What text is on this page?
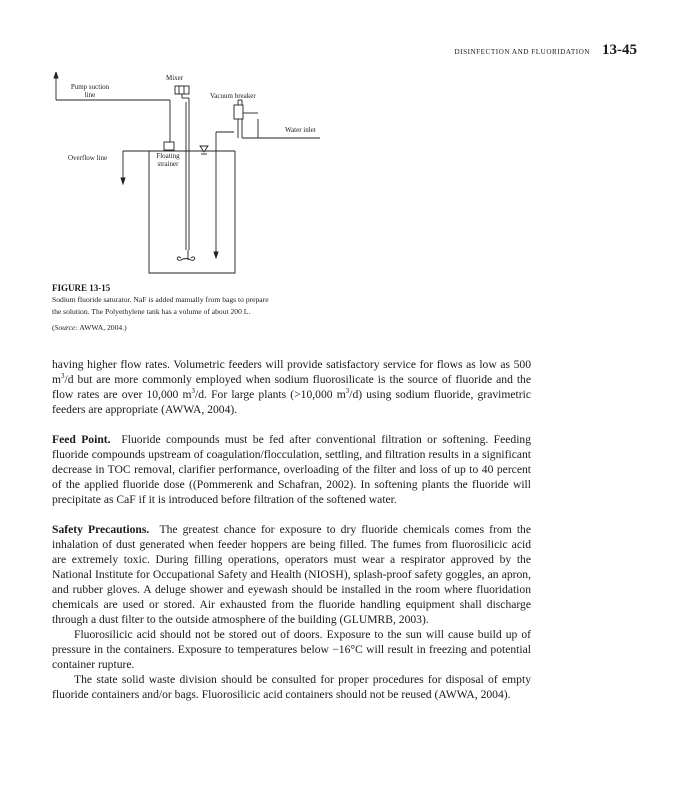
DISINFECTION AND FLUORIDATION 13-45
Mixer
Pump suction
line	Vacuum breaker
Water inlet
Overflow line	Floating
strainer
FIGURE 13-15
Sodium fluoride saturator. NaF is added manually from bags to prepare
the solution. The Polyethylene tank has a volume of about 200 L.
(Source: AWWA, 2004.)

having higher flow rates. Volumetric feeders will provide satisfactory service for flows as low as 500 $m^3/d$ but are more commonly employed when sodium fluorosilicate is the source of fluoride and the flow rates are over 10,000 $m^3/d$. For large plants (>10,000 $m^3/d$) using sodium fluoride, gravimetric feeders are appropriate (AWWA, 2004).

Feed Point. Fluoride compounds must be fed after conventional filtration or softening. Feeding fluoride compounds upstream of coagulation/flocculation, settling, and filtration results in a significant decrease in TOC removal, clarifier performance, overloading of the filter and loss of up to 40 percent of the applied fluoride dose ((Pommerenk and Schafran, 2002). In softening plants the fluoride will precipitate as CaF if it is introduced before filtration of the softened water.

Safety Precautions. The greatest chance for exposure to dry fluoride chemicals comes from the inhalation of dust generated when feeder hoppers are being filled. The fumes from fluorosilicic acid are extremely toxic. During filling operations, operators must wear a respirator approved by the National Institute for Occupational Safety and Health (NIOSH), splash-proof safety goggles, an apron, and rubber gloves. A deluge shower and eyewash should be installed in the room where fluoridation chemicals are used or stored. Air exhausted from the fluoride handling equipment shall discharge through a dust filter to the outside atmosphere of the building (GLUMRB, 2003).

Fluorosilicic acid should not be stored out of doors. Exposure to the sun will cause build up of pressure in the containers. Exposure to temperatures below −16°C will result in freezing and potential container rupture.

The state solid waste division should be consulted for proper procedures for disposal of empty fluoride containers and/or bags. Fluorosilicic acid containers should not be reused (AWWA, 2004).
